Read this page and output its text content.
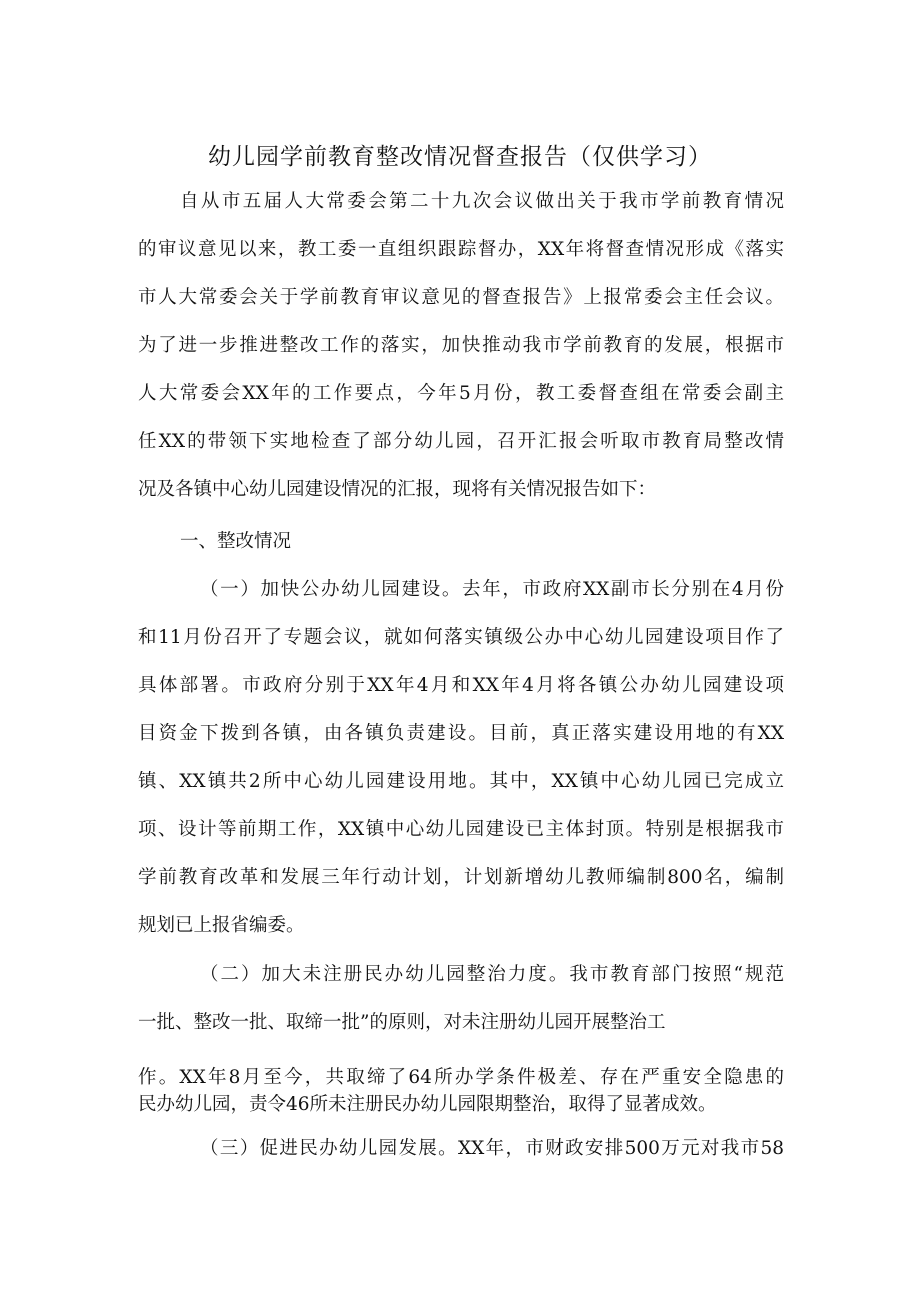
幼儿园学前教育整改情况督查报告（仅供学习）
自从市五届人大常委会第二十九次会议做出关于我市学前教育情况
的审议意见以来，教工委一直组织跟踪督办，XX年将督查情况形成《落实
市人大常委会关于学前教育审议意见的督查报告》上报常委会主任会议。
为了进一步推进整改工作的落实，加快推动我市学前教育的发展，根据市
人大常委会XX年的工作要点，今年5月份，教工委督查组在常委会副主
任XX的带领下实地检查了部分幼儿园，召开汇报会听取市教育局整改情
况及各镇中心幼儿园建设情况的汇报，现将有关情况报告如下：
一、整改情况
（一）加快公办幼儿园建设。去年，市政府XX副市长分别在4月份
和11月份召开了专题会议，就如何落实镇级公办中心幼儿园建设项目作了
具体部署。市政府分别于XX年4月和XX年4月将各镇公办幼儿园建设项
目资金下拨到各镇，由各镇负责建设。目前，真正落实建设用地的有XX
镇、XX镇共2所中心幼儿园建设用地。其中，XX镇中心幼儿园已完成立
项、设计等前期工作，XX镇中心幼儿园建设已主体封顶。特别是根据我市
学前教育改革和发展三年行动计划，计划新增幼儿教师编制800名，编制
规划已上报省编委。
（二）加大未注册民办幼儿园整治力度。我市教育部门按照“规范
一批、整改一批、取缔一批”的原则，对未注册幼儿园开展整治工
作。XX年8月至今，共取缔了64所办学条件极差、存在严重安全隐患的
民办幼儿园，责令46所未注册民办幼儿园限期整治，取得了显著成效。
（三）促进民办幼儿园发展。XX年，市财政安排500万元对我市58
